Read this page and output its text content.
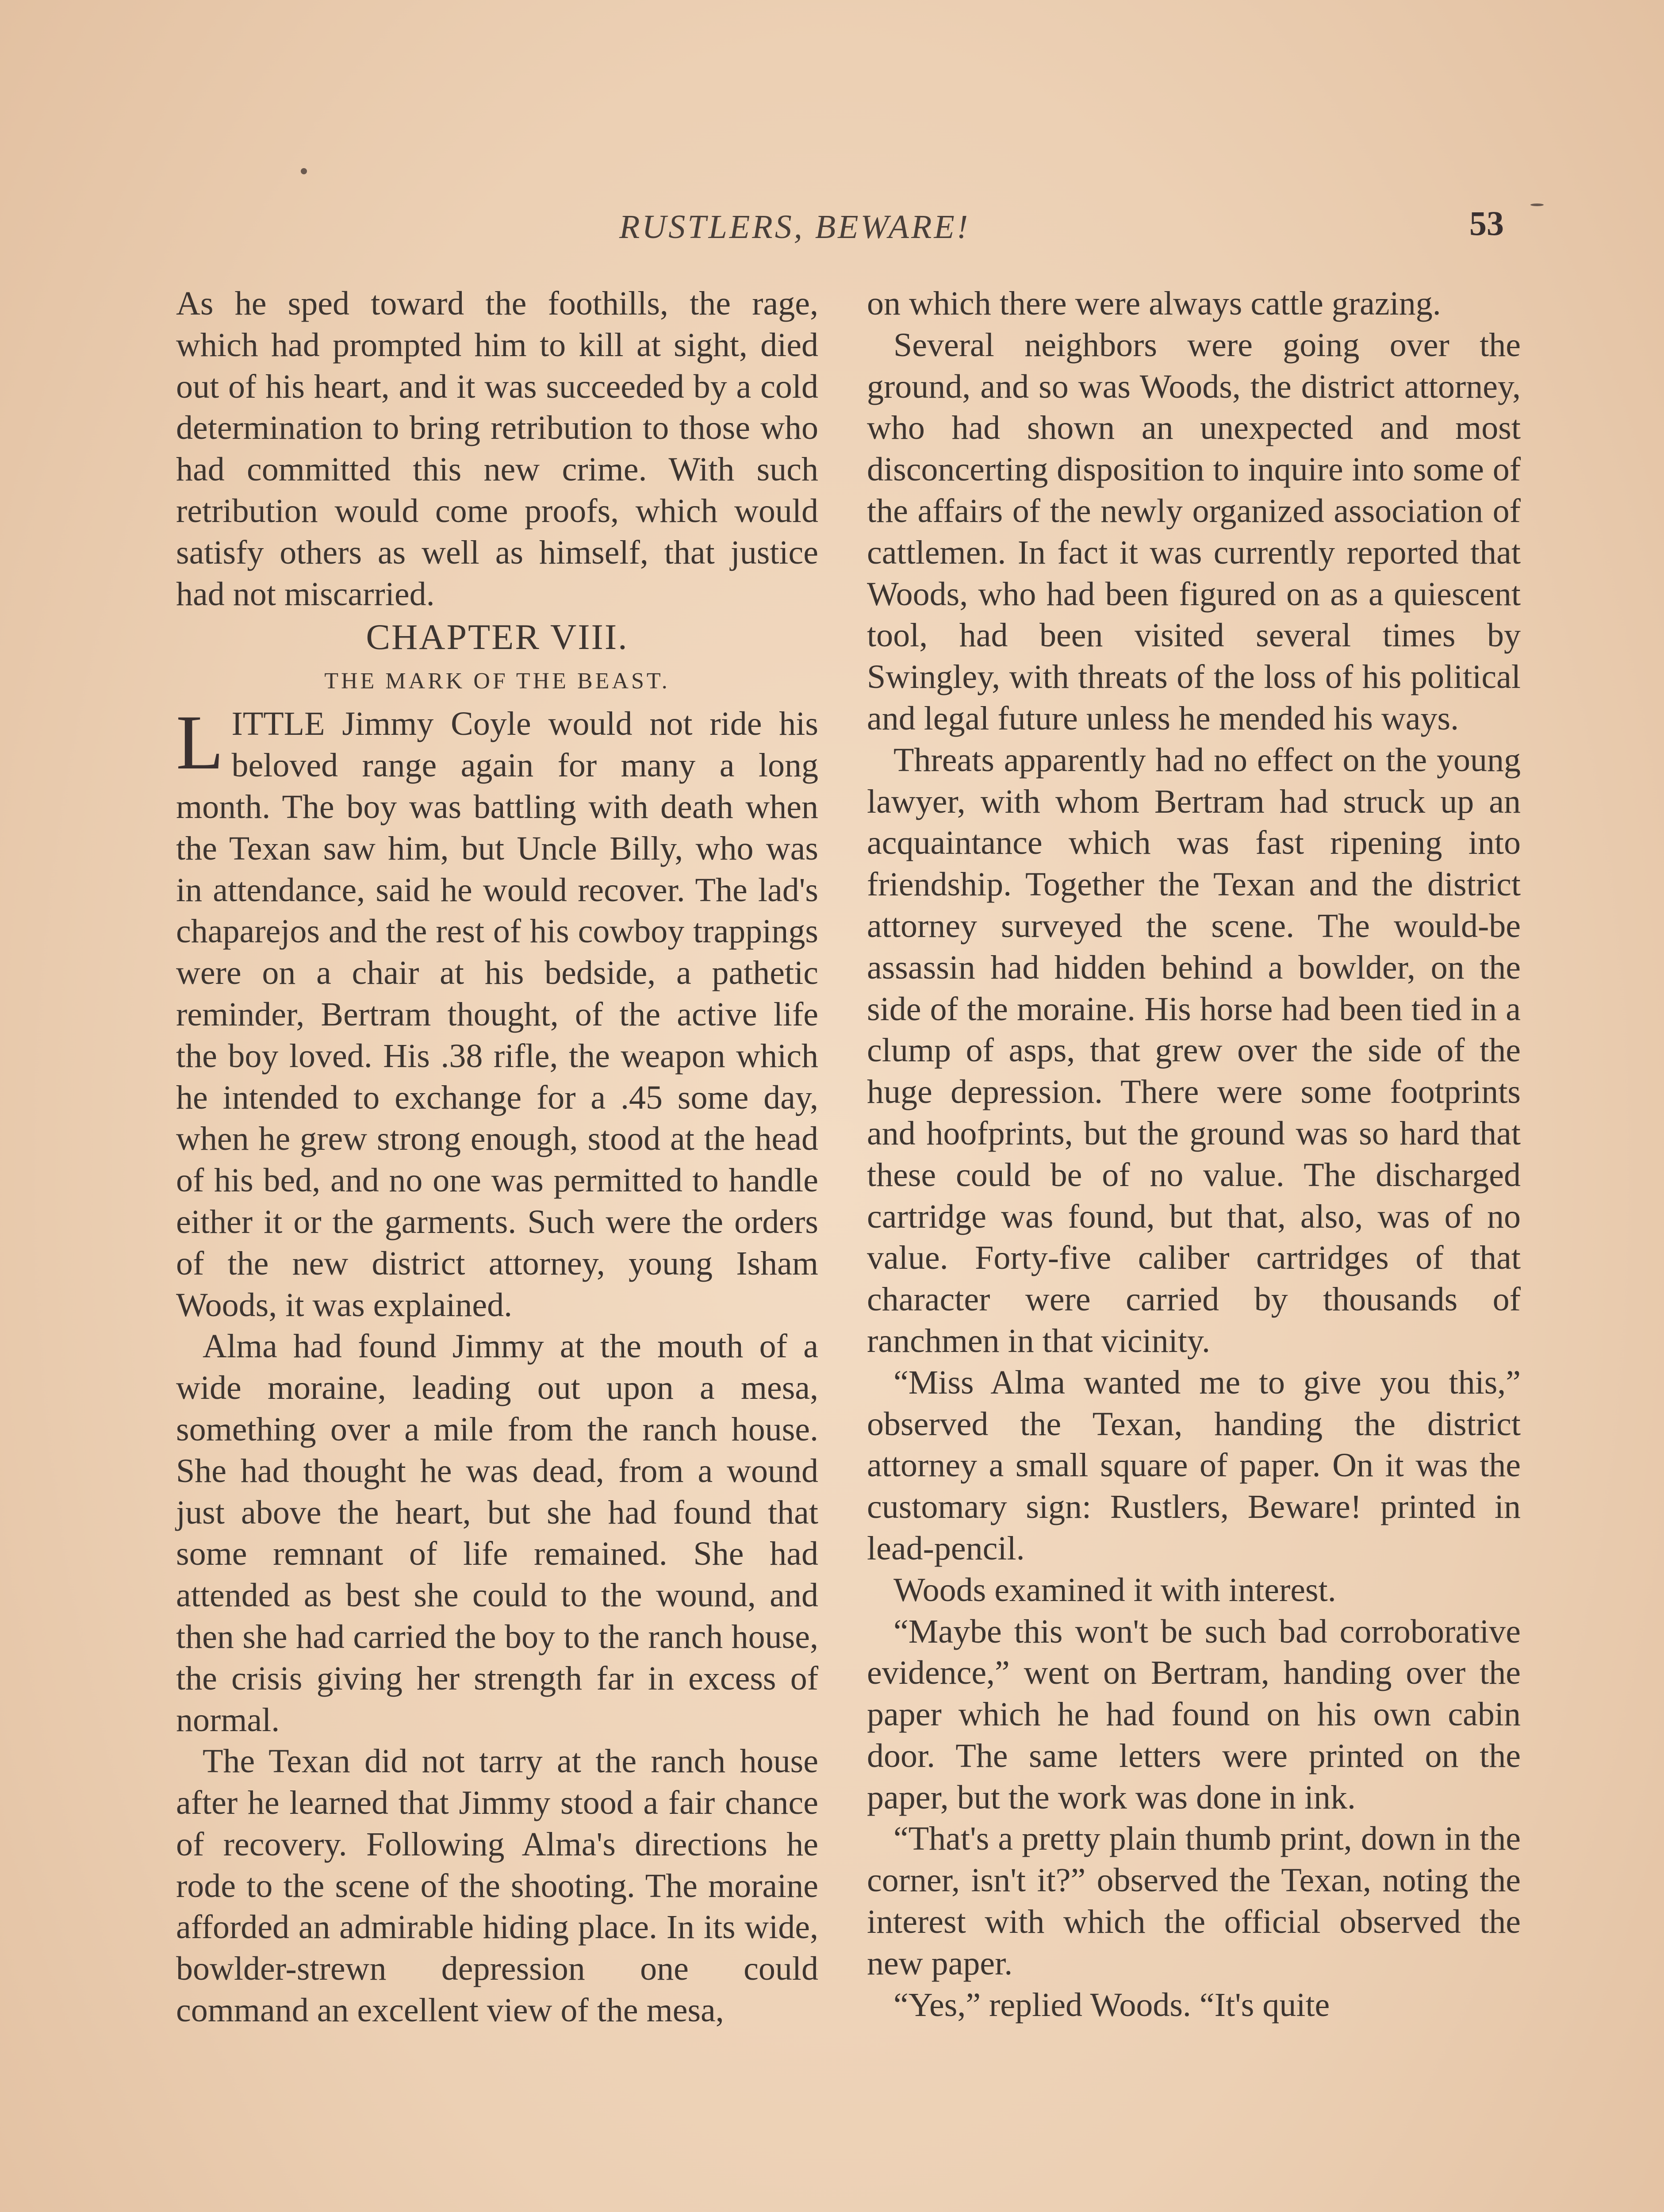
RUSTLERS, BEWARE!	53

As he sped toward the foothills, the rage, which had prompted him to kill at sight, died out of his heart, and it was succeeded by a cold determination to bring retribution to those who had committed this new crime. With such retribution would come proofs, which would satisfy others as well as himself, that justice had not miscarried.

CHAPTER VIII.

THE MARK OF THE BEAST.

LITTLE Jimmy Coyle would not ride his beloved range again for many a long month. The boy was battling with death when the Texan saw him, but Uncle Billy, who was in attendance, said he would recover. The lad's chaparejos and the rest of his cowboy trappings were on a chair at his bedside, a pathetic reminder, Bertram thought, of the active life the boy loved. His .38 rifle, the weapon which he intended to exchange for a .45 some day, when he grew strong enough, stood at the head of his bed, and no one was permitted to handle either it or the garments. Such were the orders of the new district attorney, young Isham Woods, it was explained.

Alma had found Jimmy at the mouth of a wide moraine, leading out upon a mesa, something over a mile from the ranch house. She had thought he was dead, from a wound just above the heart, but she had found that some remnant of life remained. She had attended as best she could to the wound, and then she had carried the boy to the ranch house, the crisis giving her strength far in excess of normal.

The Texan did not tarry at the ranch house after he learned that Jimmy stood a fair chance of recovery. Following Alma's directions he rode to the scene of the shooting. The moraine afforded an admirable hiding place. In its wide, bowlder-strewn depression one could command an excellent view of the mesa,

on which there were always cattle grazing.

Several neighbors were going over the ground, and so was Woods, the district attorney, who had shown an unexpected and most disconcerting disposition to inquire into some of the affairs of the newly organized association of cattlemen. In fact it was currently reported that Woods, who had been figured on as a quiescent tool, had been visited several times by Swingley, with threats of the loss of his political and legal future unless he mended his ways.

Threats apparently had no effect on the young lawyer, with whom Bertram had struck up an acquaintance which was fast ripening into friendship. Together the Texan and the district attorney surveyed the scene. The would-be assassin had hidden behind a bowlder, on the side of the moraine. His horse had been tied in a clump of asps, that grew over the side of the huge depression. There were some footprints and hoofprints, but the ground was so hard that these could be of no value. The discharged cartridge was found, but that, also, was of no value. Forty-five caliber cartridges of that character were carried by thousands of ranchmen in that vicinity.

“Miss Alma wanted me to give you this,” observed the Texan, handing the district attorney a small square of paper. On it was the customary sign: Rustlers, Beware! printed in lead-pencil.

Woods examined it with interest.

“Maybe this won't be such bad corroborative evidence,” went on Bertram, handing over the paper which he had found on his own cabin door. The same letters were printed on the paper, but the work was done in ink.

“That's a pretty plain thumb print, down in the corner, isn't it?” observed the Texan, noting the interest with which the official observed the new paper.

“Yes,” replied Woods. “It's quite
